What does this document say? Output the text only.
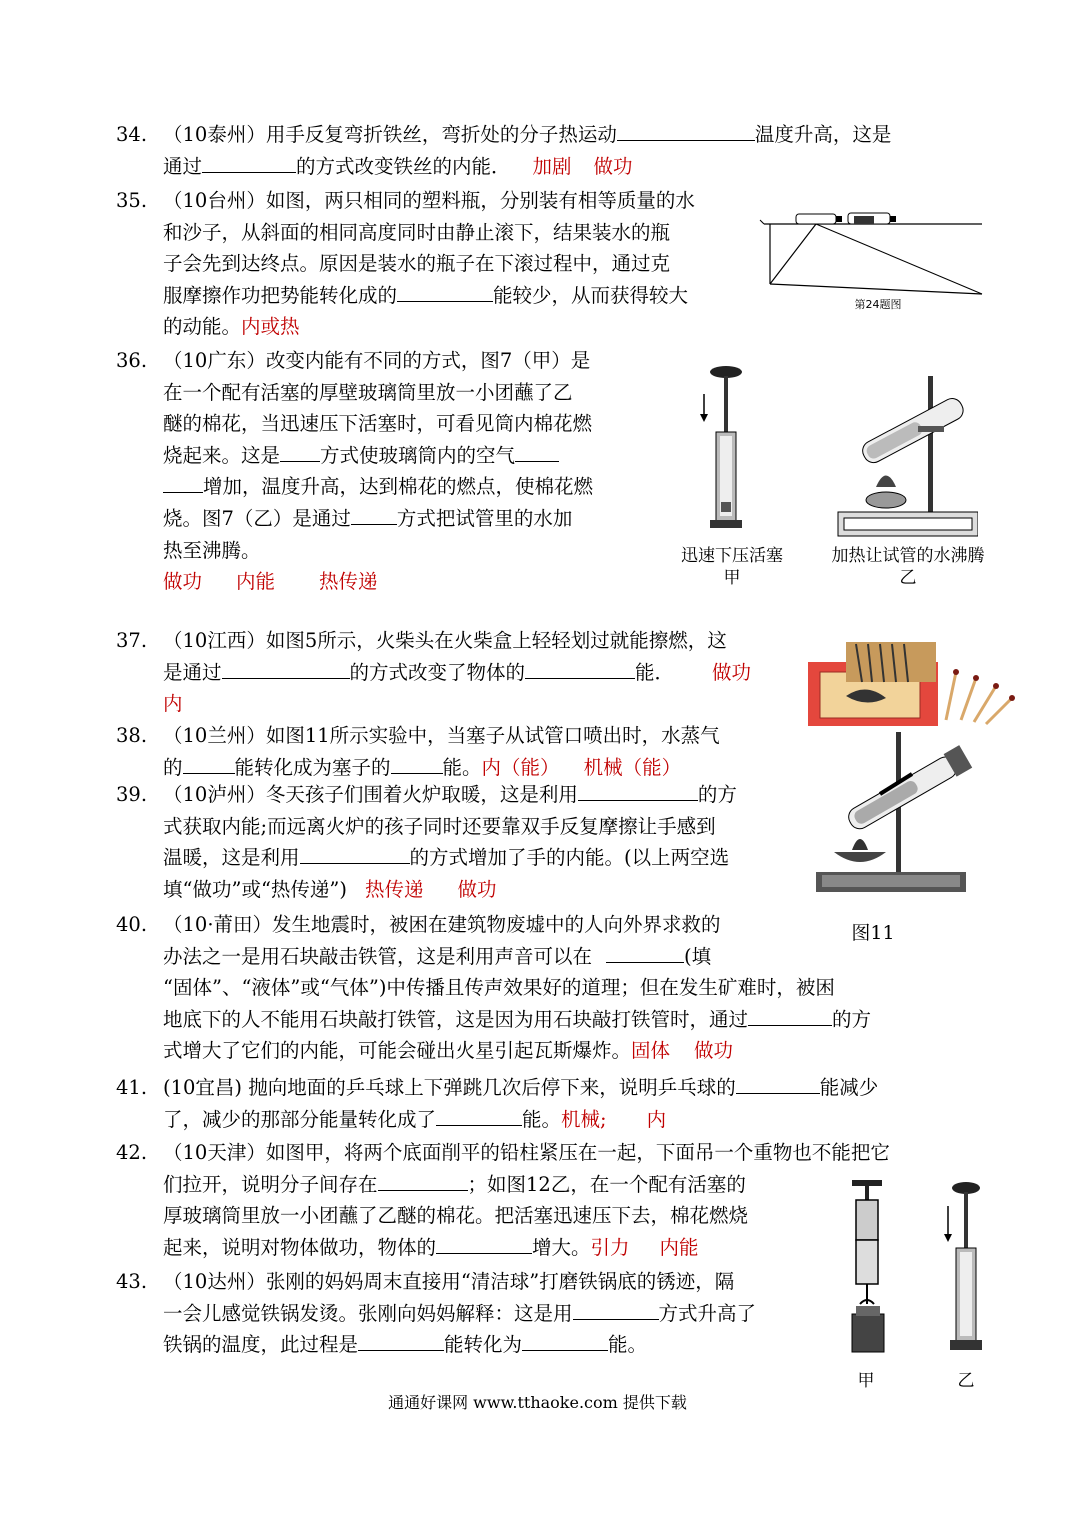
34. （10泰州）用手反复弯折铁丝，弯折处的分子热运动	温度升高，这是
通过	的方式改变铁丝的内能． 加剧 做功
35. （10台州）如图，两只相同的塑料瓶，分别装有相等质量的水
和沙子，从斜面的相同高度同时由静止滚下，结果装水的瓶
子会先到达终点。原因是装水的瓶子在下滚过程中，通过克
服摩擦作功把势能转化成的	能较少，从而获得较大
的动能。内或热
第24题图
36. （10广东）改变内能有不同的方式，图7（甲）是
在一个配有活塞的厚壁玻璃筒里放一小团蘸了乙
醚的棉花，当迅速压下活塞时，可看见筒内棉花燃
烧起来。这是 方式使玻璃筒内的空气
增加，温度升高，达到棉花的燃点，使棉花燃
烧。图7（乙）是通过 方式把试管里的水加
热至沸腾。
做功 内能 热传递
迅速下压活塞
甲
加热让试管的水沸腾
乙
37. （10江西）如图5所示，火柴头在火柴盒上轻轻划过就能擦燃，这
是通过	的方式改变了物体的	能． 做功
内
38. （10兰州）如图11所示实验中，当塞子从试管口喷出时，水蒸气
的	能转化成为塞子的	能。内（能） 机械（能）
图11
39. （10泸州）冬天孩子们围着火炉取暖，这是利用	的方
式获取内能;而远离火炉的孩子同时还要靠双手反复摩擦让手感到
温暖，这是利用	的方式增加了手的内能。(以上两空选
填“做功”或“热传递”) 热传递 做功
40. （10·莆田）发生地震时，被困在建筑物废墟中的人向外界求救的
办法之一是用石块敲击铁管，这是利用声音可以在	(填
“固体”、“液体”或“气体”)中传播且传声效果好的道理；但在发生矿难时，被困
地底下的人不能用石块敲打铁管，这是因为用石块敲打铁管时，通过	的方
式增大了它们的内能，可能会碰出火星引起瓦斯爆炸。固体 做功
41. (10宜昌) 抛向地面的乒乓球上下弹跳几次后停下来，说明乒乓球的	能减少
了，减少的那部分能量转化成了	能。机械; 内
42. （10天津）如图甲，将两个底面削平的铅柱紧压在一起，下面吊一个重物也不能把它
们拉开，说明分子间存在	；如图12乙，在一个配有活塞的
厚玻璃筒里放一小团蘸了乙醚的棉花。把活塞迅速压下去，棉花燃烧
起来，说明对物体做功，物体的	增大。引力 内能
43. （10达州）张刚的妈妈周末直接用“清洁球”打磨铁锅底的锈迹，隔
一会儿感觉铁锅发烫。张刚向妈妈解释：这是用	方式升高了
铁锅的温度，此过程是	能转化为	能。
甲	乙
通通好课网 www.tthaoke.com 提供下载
